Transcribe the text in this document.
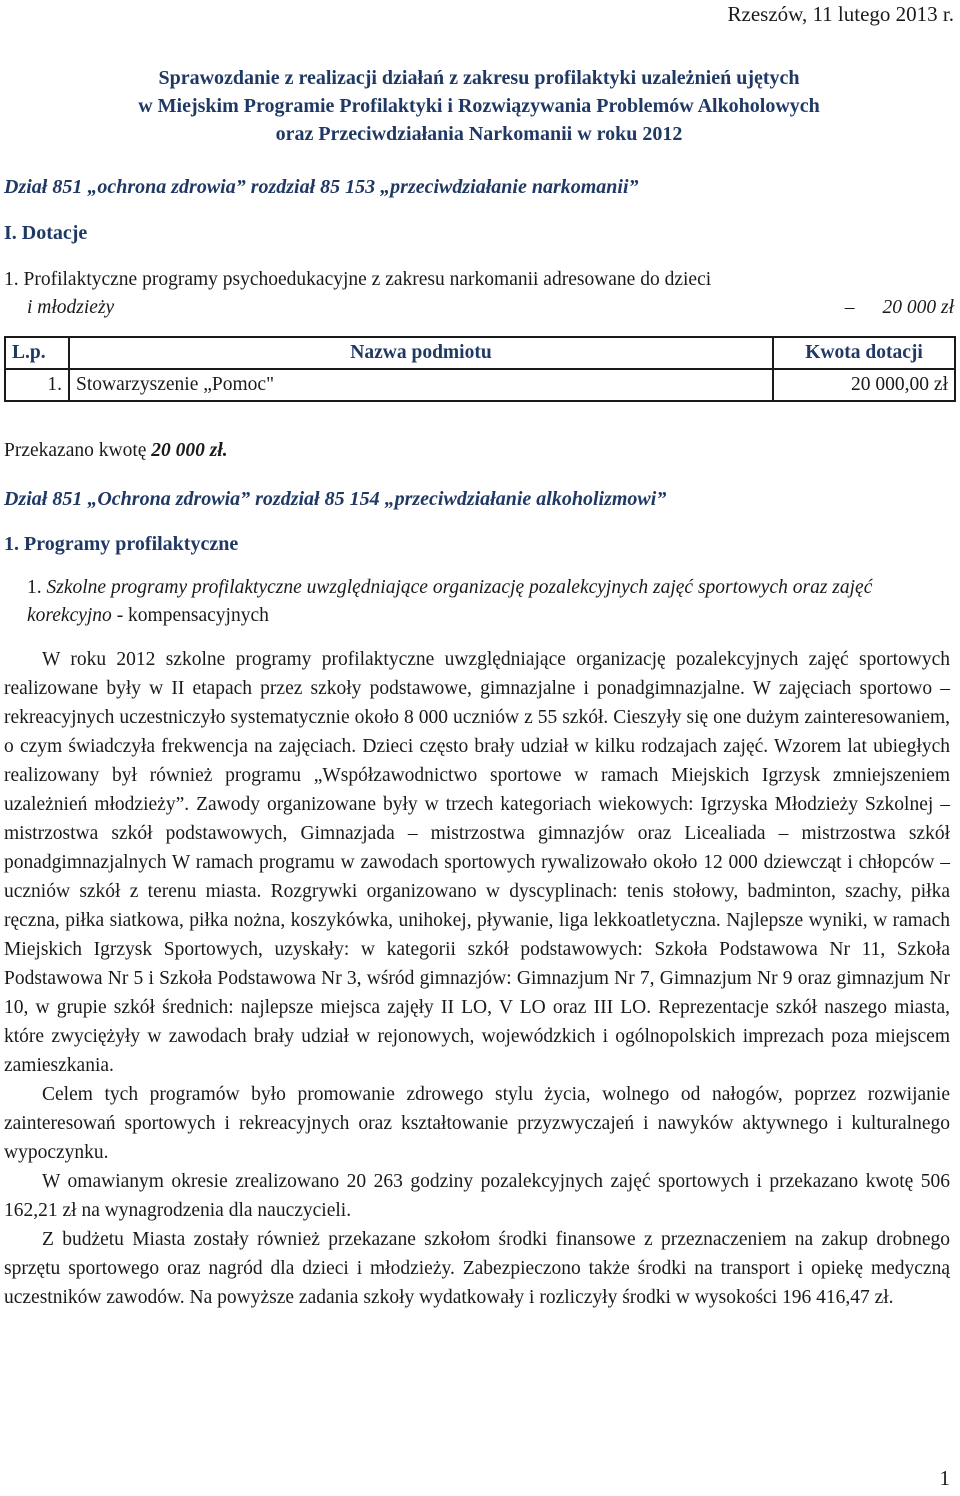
Rzeszów, 11 lutego 2013 r.
Sprawozdanie z realizacji działań z zakresu profilaktyki uzależnień ujętych
w Miejskim Programie Profilaktyki i Rozwiązywania Problemów Alkoholowych
oraz Przeciwdziałania Narkomanii w roku 2012
Dział 851 „ochrona zdrowia” rozdział 85 153 „przeciwdziałanie narkomanii”
I. Dotacje
1. Profilaktyczne programy psychoedukacyjne z zakresu narkomanii adresowane do dzieci
i młodzieży	– 20 000 zł
L.p.	Nazwa podmiotu	Kwota dotacji
1.	Stowarzyszenie „Pomoc"	20 000,00 zł
Przekazano kwotę 20 000 zł.
Dział 851 „Ochrona zdrowia” rozdział 85 154 „przeciwdziałanie alkoholizmowi”
1. Programy profilaktyczne
1. Szkolne programy profilaktyczne uwzględniające organizację pozalekcyjnych zajęć sportowych oraz zajęć korekcyjno - kompensacyjnych

W roku 2012 szkolne programy profilaktyczne uwzględniające organizację pozalekcyjnych zajęć sportowych realizowane były w II etapach przez szkoły podstawowe, gimnazjalne i ponadgimnazjalne. W zajęciach sportowo – rekreacyjnych uczestniczyło systematycznie około 8 000 uczniów z 55 szkół. Cieszyły się one dużym zainteresowaniem, o czym świadczyła frekwencja na zajęciach. Dzieci często brały udział w kilku rodzajach zajęć. Wzorem lat ubiegłych realizowany był również programu „Współzawodnictwo sportowe w ramach Miejskich Igrzysk zmniejszeniem uzależnień młodzieży”. Zawody organizowane były w trzech kategoriach wiekowych: Igrzyska Młodzieży Szkolnej – mistrzostwa szkół podstawowych, Gimnazjada – mistrzostwa gimnazjów oraz Licealiada – mistrzostwa szkół ponadgimnazjalnych W ramach programu w zawodach sportowych rywalizowało około 12 000 dziewcząt i chłopców – uczniów szkół z terenu miasta. Rozgrywki organizowano w dyscyplinach: tenis stołowy, badminton, szachy, piłka ręczna, piłka siatkowa, piłka nożna, koszykówka, unihokej, pływanie, liga lekkoatletyczna. Najlepsze wyniki, w ramach Miejskich Igrzysk Sportowych, uzyskały: w kategorii szkół podstawowych: Szkoła Podstawowa Nr 11, Szkoła Podstawowa Nr 5 i Szkoła Podstawowa Nr 3, wśród gimnazjów: Gimnazjum Nr 7, Gimnazjum Nr 9 oraz gimnazjum Nr 10, w grupie szkół średnich: najlepsze miejsca zajęły II LO, V LO oraz III LO. Reprezentacje szkół naszego miasta, które zwyciężyły w zawodach brały udział w rejonowych, wojewódzkich i ogólnopolskich imprezach poza miejscem zamieszkania.

Celem tych programów było promowanie zdrowego stylu życia, wolnego od nałogów, poprzez rozwijanie zainteresowań sportowych i rekreacyjnych oraz kształtowanie przyzwyczajeń i nawyków aktywnego i kulturalnego wypoczynku.

W omawianym okresie zrealizowano 20 263 godziny pozalekcyjnych zajęć sportowych i przekazano kwotę 506 162,21 zł na wynagrodzenia dla nauczycieli.

Z budżetu Miasta zostały również przekazane szkołom środki finansowe z przeznaczeniem na zakup drobnego sprzętu sportowego oraz nagród dla dzieci i młodzieży. Zabezpieczono także środki na transport i opiekę medyczną uczestników zawodów. Na powyższe zadania szkoły wydatkowały i rozliczyły środki w wysokości 196 416,47 zł.

1
